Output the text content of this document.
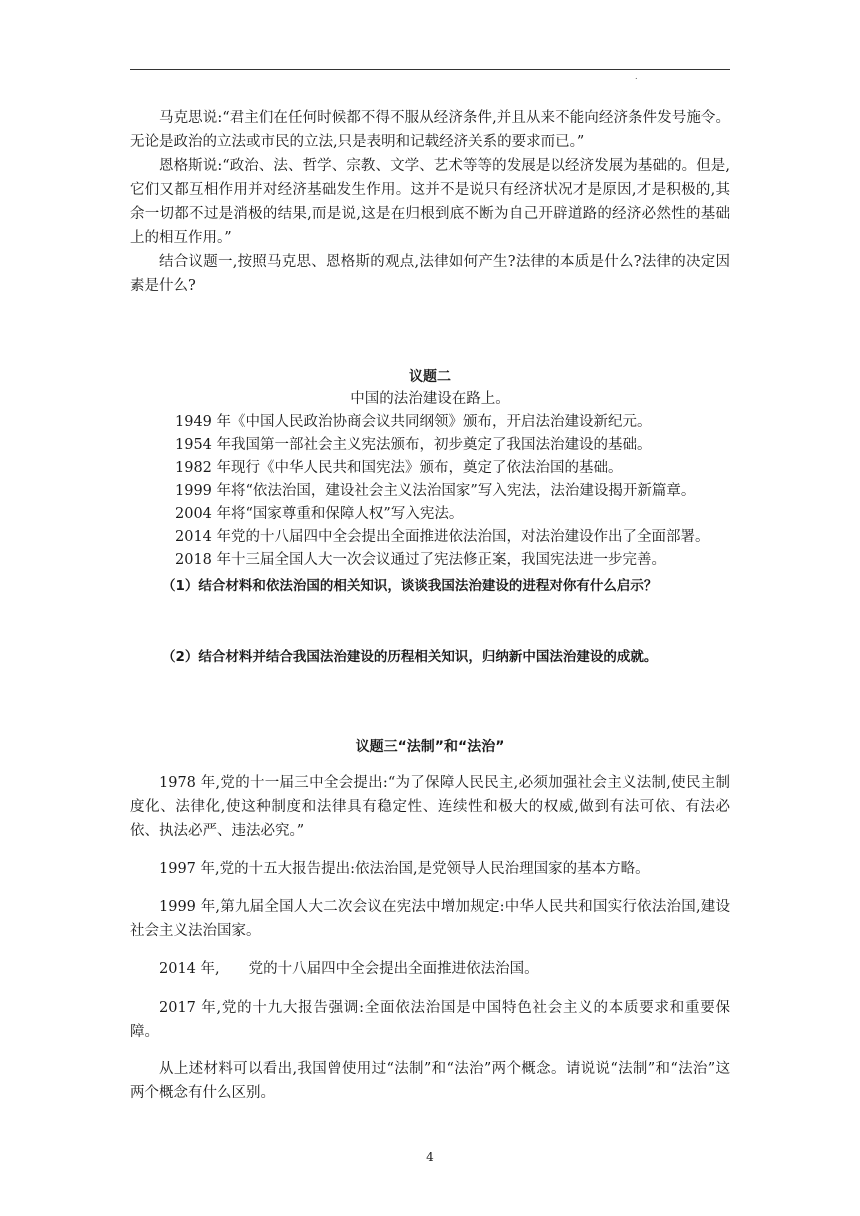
.

马克思说:“君主们在任何时候都不得不服从经济条件,并且从来不能向经济条件发号施令。无论是政治的立法或市民的立法,只是表明和记载经济关系的要求而已。”

恩格斯说:“政治、法、哲学、宗教、文学、艺术等等的发展是以经济发展为基础的。但是,它们又都互相作用并对经济基础发生作用。这并不是说只有经济状况才是原因,才是积极的,其余一切都不过是消极的结果,而是说,这是在归根到底不断为自己开辟道路的经济必然性的基础上的相互作用。”

结合议题一,按照马克思、恩格斯的观点,法律如何产生?法律的本质是什么?法律的决定因素是什么?

议题二
中国的法治建设在路上。
1949 年《中国人民政治协商会议共同纲领》颁布，开启法治建设新纪元。
1954 年我国第一部社会主义宪法颁布，初步奠定了我国法治建设的基础。
1982 年现行《中华人民共和国宪法》颁布，奠定了依法治国的基础。
1999 年将“依法治国，建设社会主义法治国家”写入宪法，法治建设揭开新篇章。
2004 年将“国家尊重和保障人权”写入宪法。
2014 年党的十八届四中全会提出全面推进依法治国，对法治建设作出了全面部署。
2018 年十三届全国人大一次会议通过了宪法修正案，我国宪法进一步完善。
（1）结合材料和依法治国的相关知识，谈谈我国法治建设的进程对你有什么启示？
（2）结合材料并结合我国法治建设的历程相关知识，归纳新中国法治建设的成就。
议题三“法制”和“法治”

1978 年,党的十一届三中全会提出:“为了保障人民民主,必须加强社会主义法制,使民主制度化、法律化,使这种制度和法律具有稳定性、连续性和极大的权威,做到有法可依、有法必依、执法必严、违法必究。”

1997 年,党的十五大报告提出:依法治国,是党领导人民治理国家的基本方略。

1999 年,第九届全国人大二次会议在宪法中增加规定:中华人民共和国实行依法治国,建设社会主义法治国家。

2014 年,　　党的十八届四中全会提出全面推进依法治国。

2017 年,党的十九大报告强调:全面依法治国是中国特色社会主义的本质要求和重要保障。

从上述材料可以看出,我国曾使用过“法制”和“法治”两个概念。请说说“法制”和“法治”这两个概念有什么区别。

4
